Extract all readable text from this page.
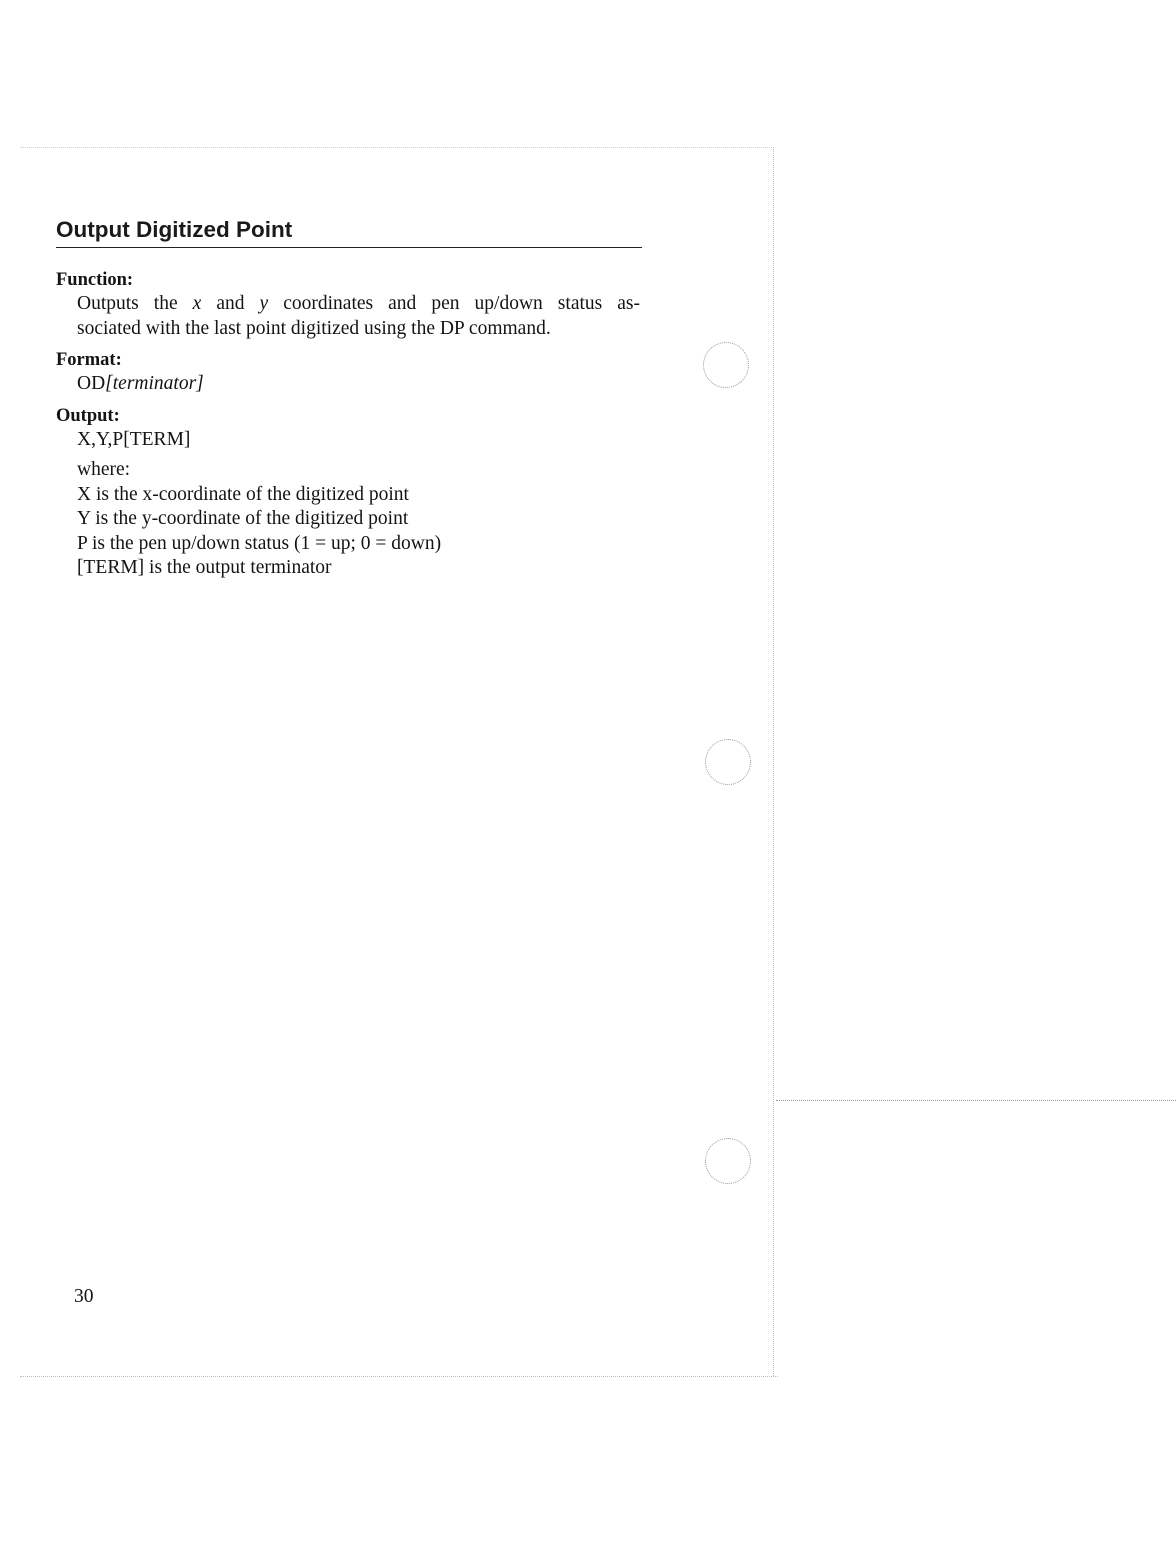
Output Digitized Point

Function:

Outputs the x and y coordinates and pen up/down status as-
sociated with the last point digitized using the DP command.

Format:

OD[terminator]

Output:

X,Y,P[TERM]

where:

X is the x-coordinate of the digitized point

Y is the y-coordinate of the digitized point

P is the pen up/down status (1 = up; 0 = down)

[TERM] is the output terminator

30
